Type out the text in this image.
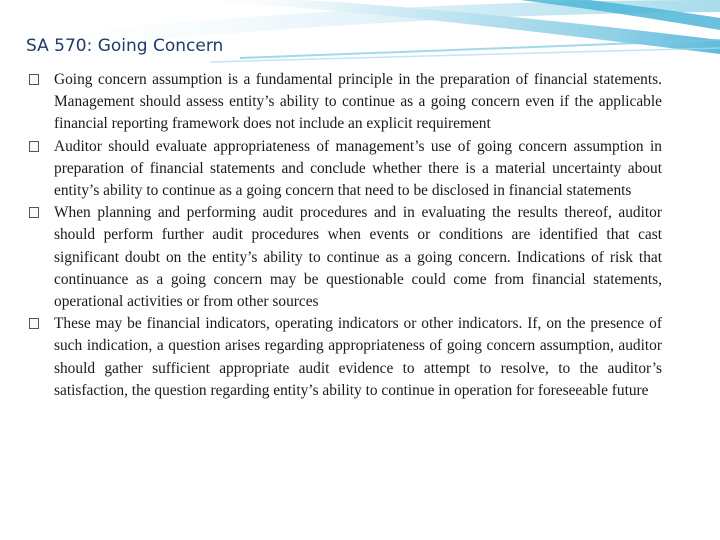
SA 570: Going Concern

Going concern assumption is a fundamental principle in the preparation of financial statements. Management should assess entity’s ability to continue as a going concern even if the applicable financial reporting framework does not include an explicit requirement

Auditor should evaluate appropriateness of management’s use of going concern assumption in preparation of financial statements and conclude whether there is a material uncertainty about entity’s ability to continue as a going concern that need to be disclosed in financial statements

When planning and performing audit procedures and in evaluating the results thereof, auditor should perform further audit procedures when events or conditions are identified that cast significant doubt on the entity’s ability to continue as a going concern. Indications of risk that continuance as a going concern may be questionable could come from financial statements, operational activities or from other sources

These may be financial indicators, operating indicators or other indicators. If, on the presence of such indication, a question arises regarding appropriateness of going concern assumption, auditor should gather sufficient appropriate audit evidence to attempt to resolve, to the auditor’s satisfaction, the question regarding entity’s ability to continue in operation for foreseeable future
